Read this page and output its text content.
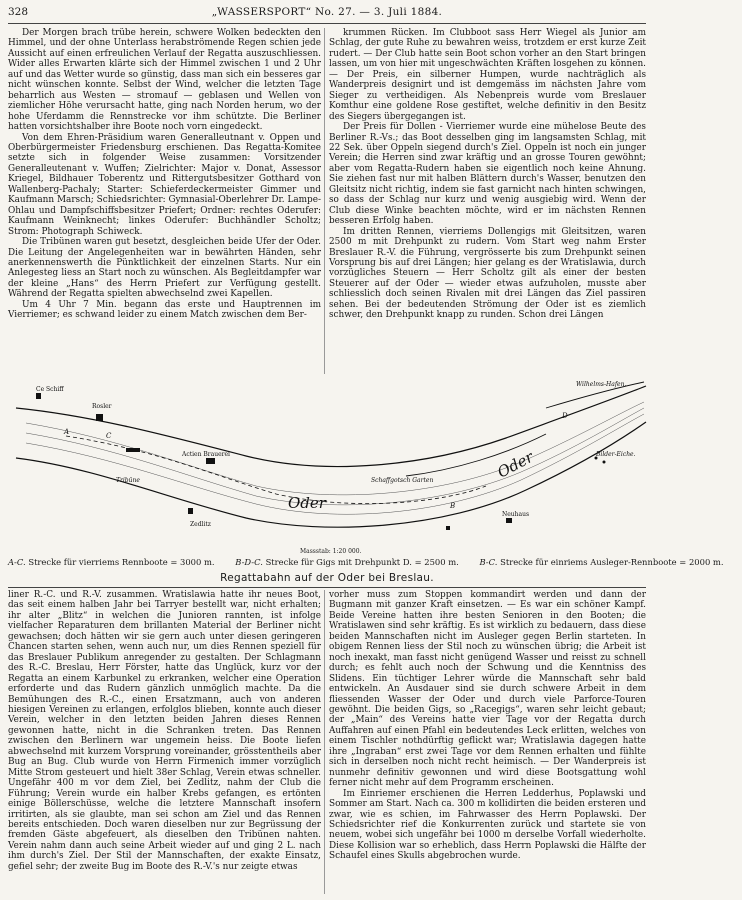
328	„WASSERSPORT“ No. 27. — 3. Juli 1884.

Der Morgen brach trübe herein, schwere Wolken bedeckten den Himmel, und der ohne Unterlass herabströmende Regen schien jede Aussicht auf einen erfreulichen Verlauf der Regatta auszuschliessen. Wider alles Erwarten klärte sich der Himmel zwischen 1 und 2 Uhr auf und das Wetter wurde so günstig, dass man sich ein besseres gar nicht wünschen konnte. Selbst der Wind, welcher die letzten Tage beharrlich aus Westen — stromauf — geblasen und Wellen von ziemlicher Höhe verursacht hatte, ging nach Norden herum, wo der hohe Uferdamm die Rennstrecke vor ihm schützte. Die Berliner hatten vorsichtshalber ihre Boote noch vorn eingedeckt.

Von dem Ehren-Präsidium waren Generalleutnant v. Oppen und Oberbürgermeister Friedensburg erschienen. Das Regatta-Komitee setzte sich in folgender Weise zusammen: Vorsitzender Generalleutenant v. Wuffen; Zielrichter: Major v. Donat, Assessor Kriegel, Bildhauer Toberentz und Rittergutsbesitzer Gotthard von Wallenberg-Pachaly; Starter: Schieferdeckermeister Gimmer und Kaufmann Marsch; Schiedsrichter: Gymnasial-Oberlehrer Dr. Lampe-Ohlau und Dampfschiffsbesitzer Priefert; Ordner: rechtes Oderufer: Kaufmann Weinknecht; linkes Oderufer: Buchhändler Scholtz; Strom: Photograph Schiweck.

Die Tribünen waren gut besetzt, desgleichen beide Ufer der Oder. Die Leitung der Angelegenheiten war in bewährten Händen, sehr anerkennenswerth die Pünktlichkeit der einzelnen Starts. Nur ein Anlegesteg liess an Start noch zu wünschen. Als Begleitdampfer war der kleine „Hans“ des Herrn Priefert zur Verfügung gestellt. Während der Regatta spielten abwechselnd zwei Kapellen.

Um 4 Uhr 7 Min. begann das erste und Hauptrennen im Vierriemer; es schwand leider zu einem Match zwischen dem Ber-

krummen Rücken. Im Clubboot sass Herr Wiegel als Junior am Schlag, der gute Ruhe zu bewahren weiss, trotzdem er erst kurze Zeit rudert. — Der Club hatte sein Boot schon vorher an den Start bringen lassen, um von hier mit ungeschwächten Kräften losgehen zu können. — Der Preis, ein silberner Humpen, wurde nachträglich als Wanderpreis designirt und ist demgemäss im nächsten Jahre vom Sieger zu vertheidigen. Als Nebenpreis wurde vom Breslauer Komthur eine goldene Rose gestiftet, welche definitiv in den Besitz des Siegers übergegangen ist.

Der Preis für Dollen - Vierriemer wurde eine mühelose Beute des Berliner R.-Vs.; das Boot desselben ging im langsamsten Schlag, mit 22 Sek. über Oppeln siegend durch's Ziel. Oppeln ist noch ein junger Verein; die Herren sind zwar kräftig und an grosse Touren gewöhnt; aber vom Regatta-Rudern haben sie eigentlich noch keine Ahnung. Sie ziehen fast nur mit halben Blättern durch's Wasser, benutzen den Gleitsitz nicht richtig, indem sie fast garnicht nach hinten schwingen, so dass der Schlag nur kurz und wenig ausgiebig wird. Wenn der Club diese Winke beachten möchte, wird er im nächsten Rennen besseren Erfolg haben.

Im dritten Rennen, vierriems Dollengigs mit Gleitsitzen, waren 2500 m mit Drehpunkt zu rudern. Vom Start weg nahm Erster Breslauer R.-V. die Führung, vergrösserte bis zum Drehpunkt seinen Vorsprung bis auf drei Längen; hier gelang es der Wratislawia, durch vorzügliches Steuern — Herr Scholtz gilt als einer der besten Steuerer auf der Oder — wieder etwas aufzuholen, musste aber schliesslich doch seinen Rivalen mit drei Längen das Ziel passiren sehen. Bei der bedeutenden Strömung der Oder ist es ziemlich schwer, den Drehpunkt knapp zu runden. Schon drei Längen

Ce Schiff
Rosler
Actien Brauerei
Tribüne
Wilhelms-Hafen.
Bilder-Eiche.
Schaffgotsch Garten
Oder
Oder
Zedlitz
Neuhaus
A
B
C
D
Massstab: 1:20 000.
A-C. Strecke für vierriems Rennboote = 3000 m. B-D-C. Strecke für Gigs mit Drehpunkt D. = 2500 m. B-C. Strecke für einriems Ausleger-Rennboote = 2000 m.
Regattabahn auf der Oder bei Breslau.

liner R.-C. und R.-V. zusammen. Wratislawia hatte ihr neues Boot, das seit einem halben Jahr bei Tarryer bestellt war, nicht erhalten; ihr alter „Blitz“ in welchen die Junioren rannten, ist infolge vielfacher Reparaturen dem brillanten Material der Berliner nicht gewachsen; doch hätten wir sie gern auch unter diesen geringeren Chancen starten sehen, wenn auch nur, um dies Rennen speziell für das Breslauer Publikum anregender zu gestalten. Der Schlagmann des R.-C. Breslau, Herr Förster, hatte das Unglück, kurz vor der Regatta an einem Karbunkel zu erkranken, welcher eine Operation erforderte und das Rudern gänzlich unmöglich machte. Da die Bemühungen des R.-C., einen Ersatzmann, auch von anderen hiesigen Vereinen zu erlangen, erfolglos blieben, konnte auch dieser Verein, welcher in den letzten beiden Jahren dieses Rennen gewonnen hatte, nicht in die Schranken treten. Das Rennen zwischen den Berlinern war ungemein heiss. Die Boote liefen abwechselnd mit kurzem Vorsprung voreinander, grösstentheils aber Bug an Bug. Club wurde von Herrn Firmenich immer vorzüglich Mitte Strom gesteuert und hielt 38er Schlag, Verein etwas schneller. Ungefähr 400 m vor dem Ziel, bei Zedlitz, nahm der Club die Führung; Verein wurde ein halber Krebs gefangen, es ertönten einige Böllerschüsse, welche die letztere Mannschaft insofern irritirten, als sie glaubte, man sei schon am Ziel und das Rennen bereits entschieden. Doch waren dieselben nur zur Begrüssung der fremden Gäste abgefeuert, als dieselben den Tribünen nahten. Verein nahm dann auch seine Arbeit wieder auf und ging 2 L. nach ihm durch's Ziel. Der Stil der Mannschaften, der exakte Einsatz, gefiel sehr; der zweite Bug im Boote des R.-V.'s nur zeigte etwas

vorher muss zum Stoppen kommandirt werden und dann der Bugmann mit ganzer Kraft einsetzen. — Es war ein schöner Kampf. Beide Vereine hatten ihre besten Senioren in den Booten; die Wratislawen sind sehr kräftig. Es ist wirklich zu bedauern, dass diese beiden Mannschaften nicht im Ausleger gegen Berlin starteten. In obigem Rennen liess der Stil noch zu wünschen übrig; die Arbeit ist noch inexakt, man fasst nicht genügend Wasser und reisst zu schnell durch; es fehlt auch noch der Schwung und die Kenntniss des Slidens. Ein tüchtiger Lehrer würde die Mannschaft sehr bald entwickeln. An Ausdauer sind sie durch schwere Arbeit in dem fliessenden Wasser der Oder und durch viele Parforce-Touren gewöhnt. Die beiden Gigs, so „Racegigs“, waren sehr leicht gebaut; der „Main“ des Vereins hatte vier Tage vor der Regatta durch Auffahren auf einen Pfahl ein bedeutendes Leck erlitten, welches von einem Tischler nothdürftig geflickt war; Wratislawia dagegen hatte ihre „Ingraban“ erst zwei Tage vor dem Rennen erhalten und fühlte sich in derselben noch nicht recht heimisch. — Der Wanderpreis ist nunmehr definitiv gewonnen und wird diese Bootsgattung wohl ferner nicht mehr auf dem Programm erscheinen.

Im Einriemer erschienen die Herren Ledderhus, Poplawski und Sommer am Start. Nach ca. 300 m kollidirten die beiden ersteren und zwar, wie es schien, im Fahrwasser des Herrn Poplawski. Der Schiedsrichter rief die Konkurrenten zurück und startete sie von neuem, wobei sich ungefähr bei 1000 m derselbe Vorfall wiederholte. Diese Kollision war so erheblich, dass Herrn Poplawski die Hälfte der Schaufel eines Skulls abgebrochen wurde.
